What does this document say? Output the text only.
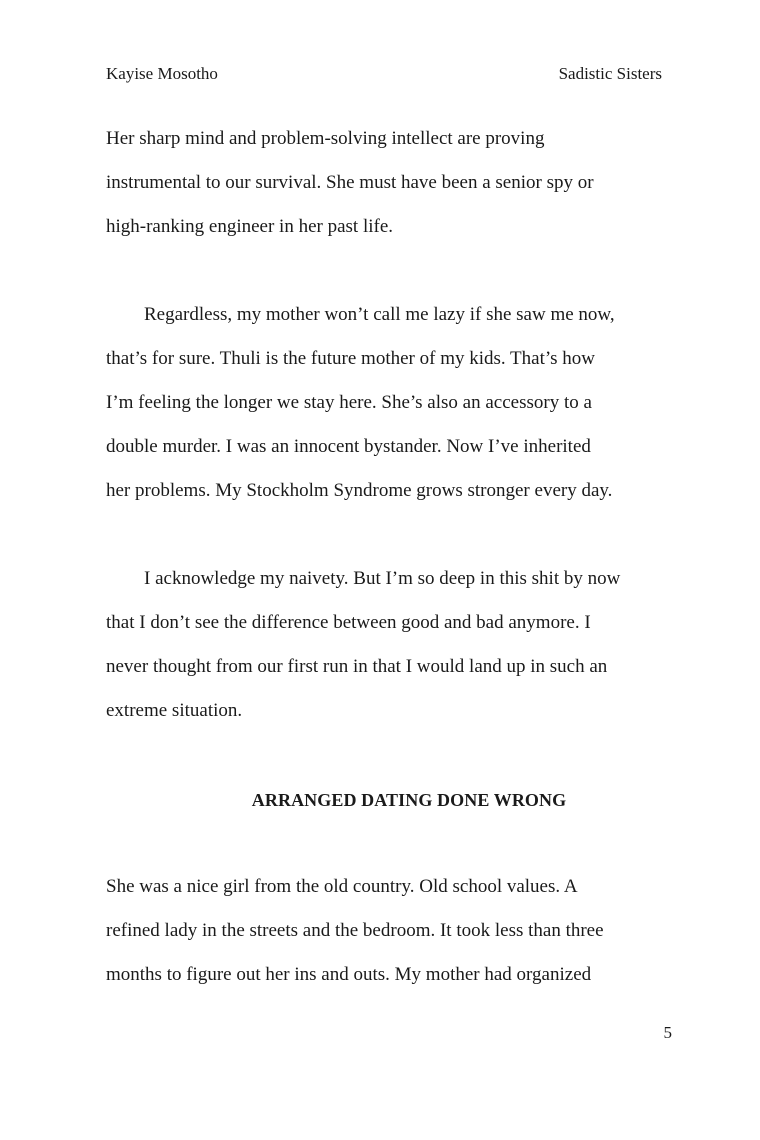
Kayise Mosotho	Sadistic Sisters
Her sharp mind and problem-solving intellect are proving
instrumental to our survival. She must have been a senior spy or
high-ranking engineer in her past life.
Regardless, my mother won’t call me lazy if she saw me now,
that’s for sure. Thuli is the future mother of my kids. That’s how
I’m feeling the longer we stay here. She’s also an accessory to a
double murder. I was an innocent bystander. Now I’ve inherited
her problems. My Stockholm Syndrome grows stronger every day.
I acknowledge my naivety. But I’m so deep in this shit by now
that I don’t see the difference between good and bad anymore. I
never thought from our first run in that I would land up in such an
extreme situation.
ARRANGED DATING DONE WRONG
She was a nice girl from the old country. Old school values. A
refined lady in the streets and the bedroom. It took less than three
months to figure out her ins and outs. My mother had organized
5
